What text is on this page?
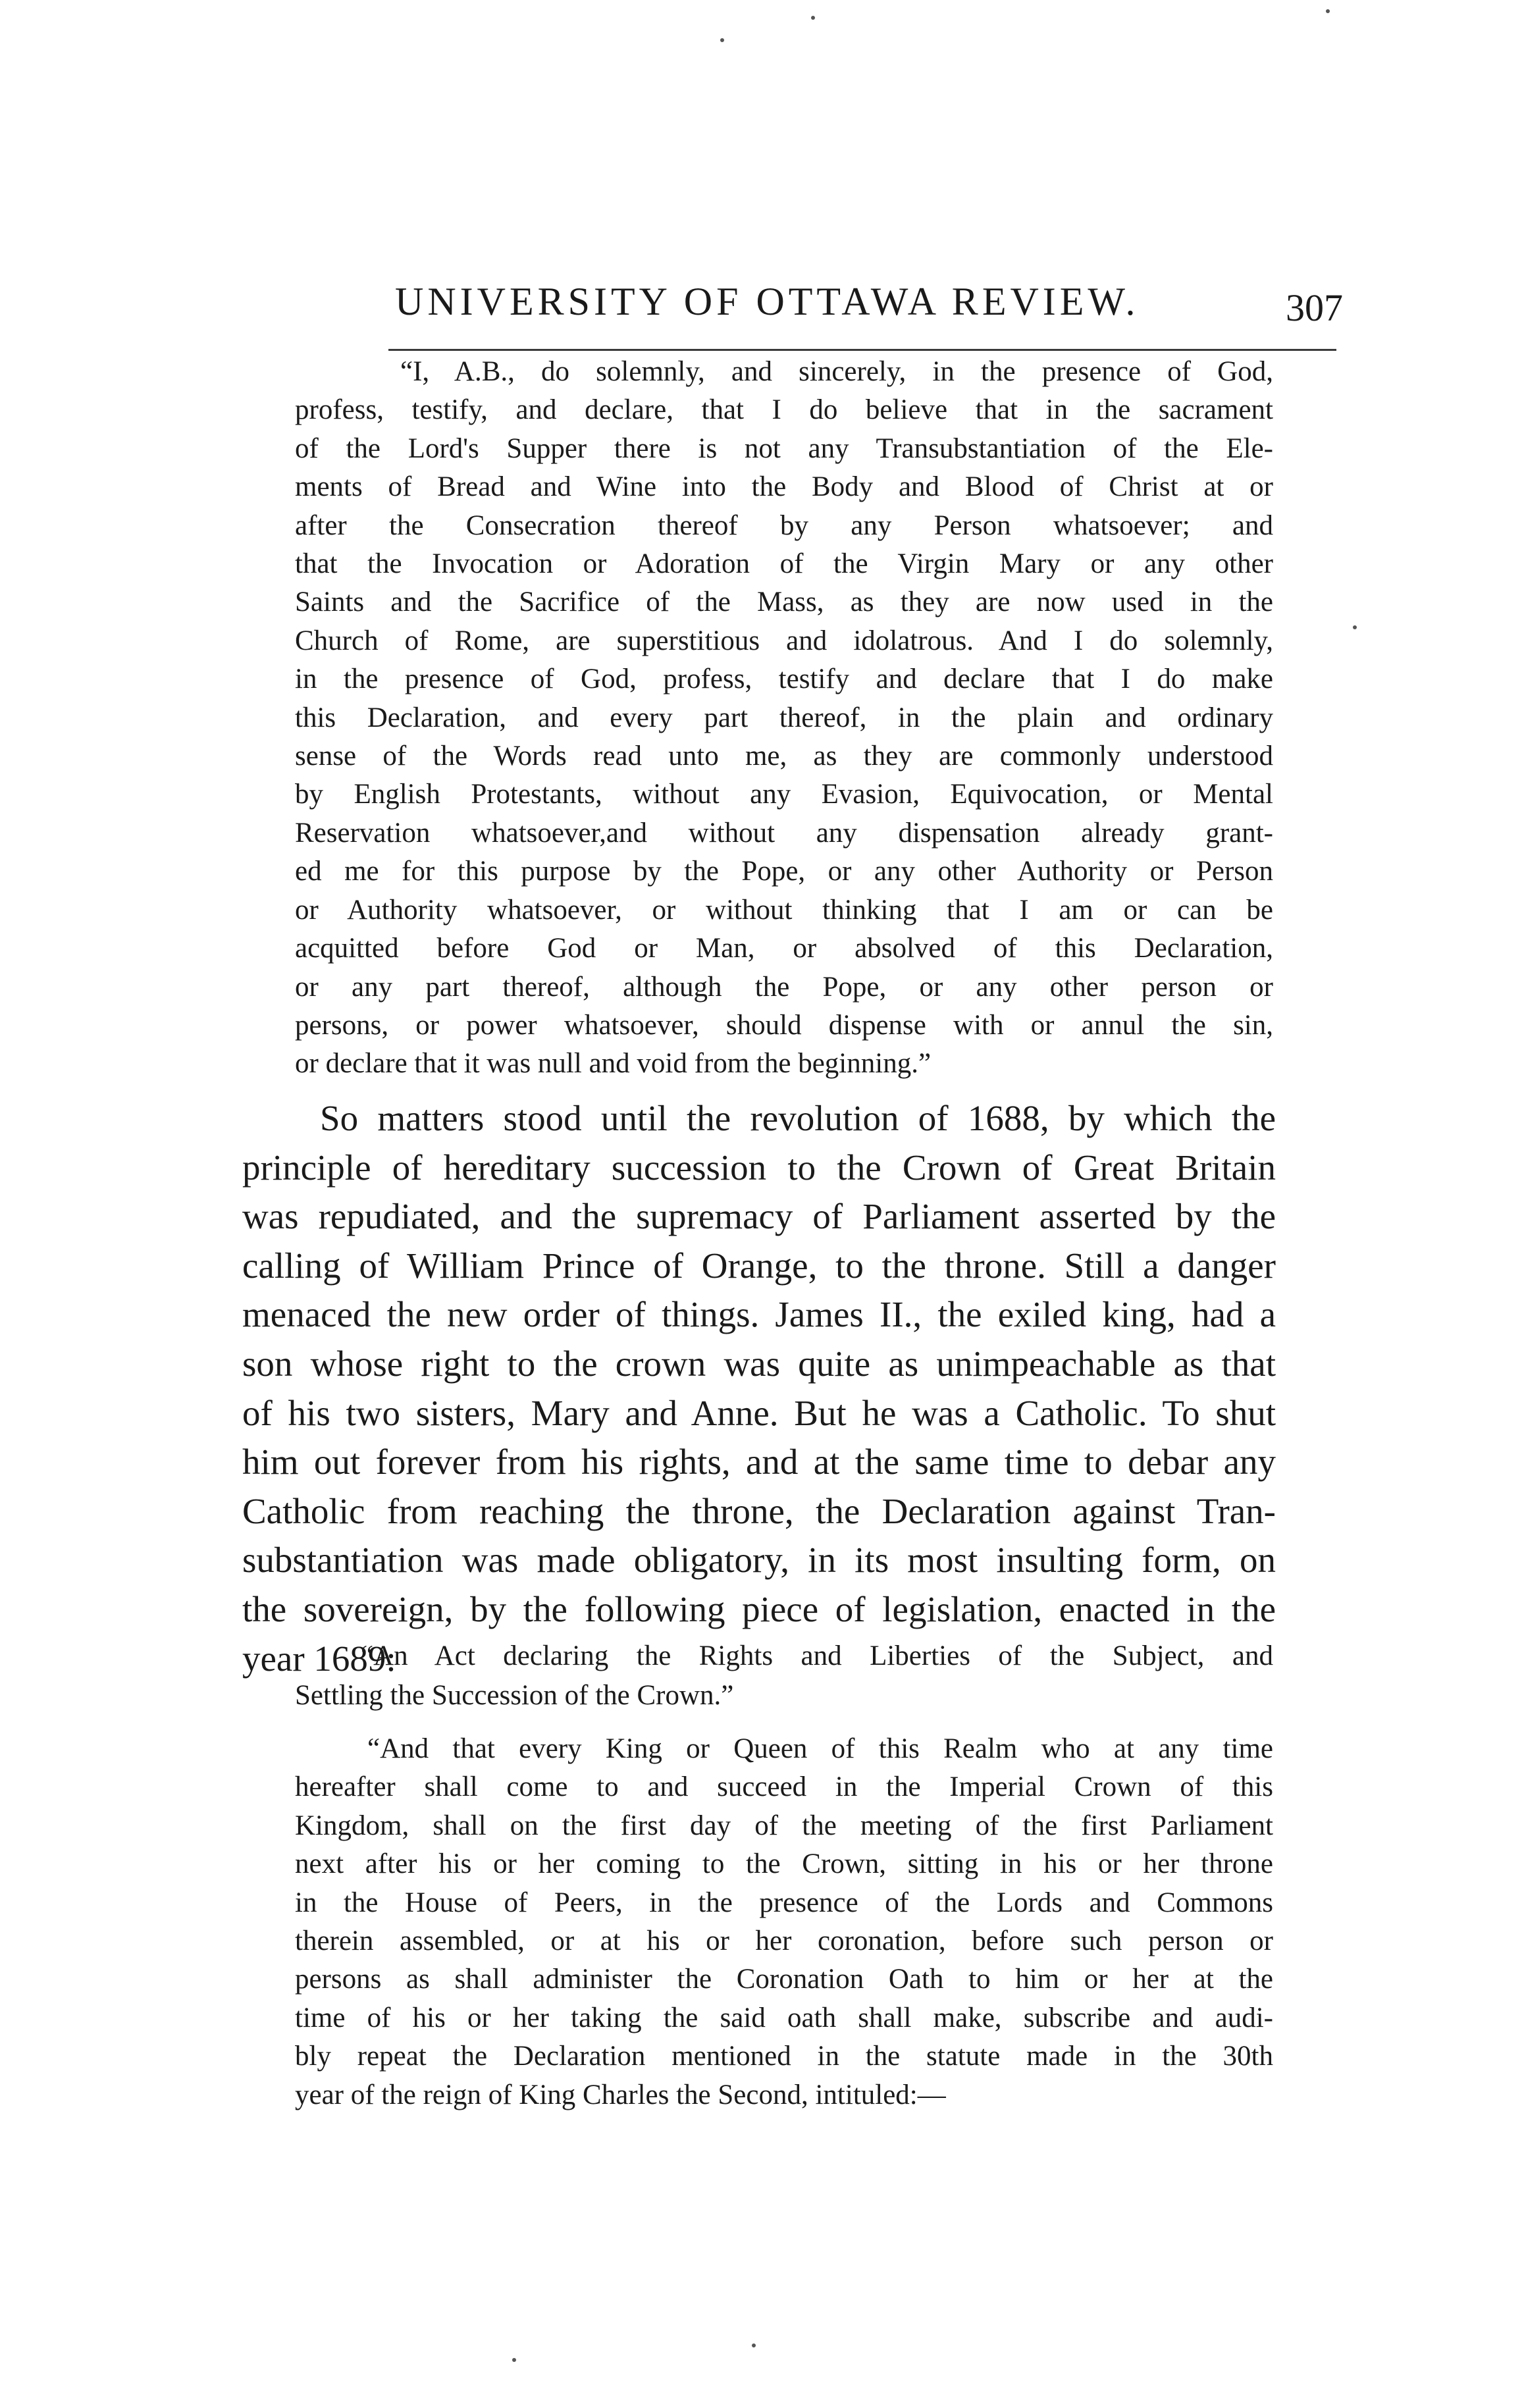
UNIVERSITY OF OTTAWA REVIEW.	307
“I, A.B., do solemnly, and sincerely, in the presence of God,
profess, testify, and declare, that I do believe that in the sacrament
of the Lord's Supper there is not any Transubstantiation of the Ele-
ments of Bread and Wine into the Body and Blood of Christ at or
after the Consecration thereof by any Person whatsoever; and
that the Invocation or Adoration of the Virgin Mary or any other
Saints and the Sacrifice of the Mass, as they are now used in the
Church of Rome, are superstitious and idolatrous. And I do solemnly,
in the presence of God, profess, testify and declare that I do make
this Declaration, and every part thereof, in the plain and ordinary
sense of the Words read unto me, as they are commonly understood
by English Protestants, without any Evasion, Equivocation, or Mental
Reservation whatsoever,and without any dispensation already grant-
ed me for this purpose by the Pope, or any other Authority or Person
or Authority whatsoever, or without thinking that I am or can be
acquitted before God or Man, or absolved of this Declaration,
or any part thereof, although the Pope, or any other person or
persons, or power whatsoever, should dispense with or annul the sin,
or declare that it was null and void from the beginning.”
So matters stood until the revolution of 1688, by which the
principle of hereditary succession to the Crown of Great Britain
was repudiated, and the supremacy of Parliament asserted by the
calling of William Prince of Orange, to the throne. Still a danger
menaced the new order of things. James II., the exiled king, had a
son whose right to the crown was quite as unimpeachable as that
of his two sisters, Mary and Anne. But he was a Catholic. To shut
him out forever from his rights, and at the same time to debar any
Catholic from reaching the throne, the Declaration against Tran-
substantiation was made obligatory, in its most insulting form, on
the sovereign, by the following piece of legislation, enacted in the
year 1689:
“An Act declaring the Rights and Liberties of the Subject, and
Settling the Succession of the Crown.”
“And that every King or Queen of this Realm who at any time
hereafter shall come to and succeed in the Imperial Crown of this
Kingdom, shall on the first day of the meeting of the first Parliament
next after his or her coming to the Crown, sitting in his or her throne
in the House of Peers, in the presence of the Lords and Commons
therein assembled, or at his or her coronation, before such person or
persons as shall administer the Coronation Oath to him or her at the
time of his or her taking the said oath shall make, subscribe and audi-
bly repeat the Declaration mentioned in the statute made in the 30th
year of the reign of King Charles the Second, intituled:—
